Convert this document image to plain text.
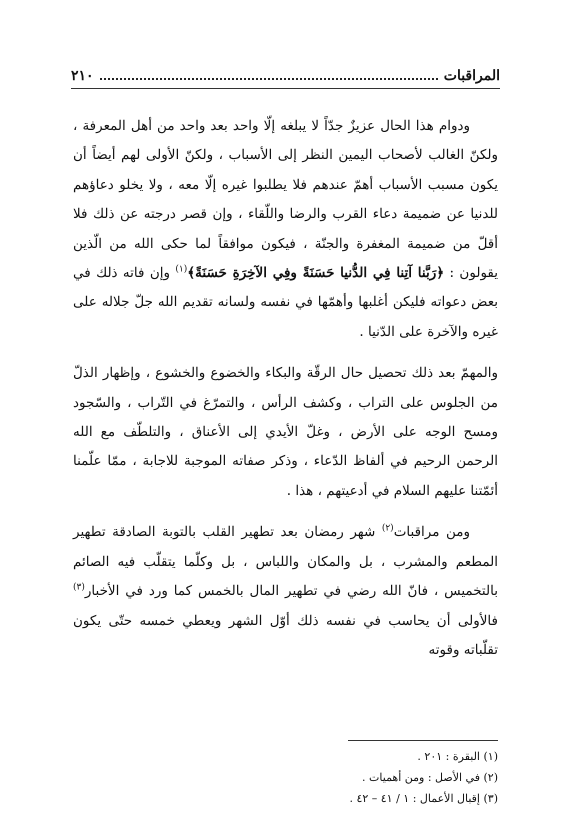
المراقبات
٢١٠

ودوام هذا الحال عزيزٌ جدّاً لا يبلغه إلّا واحد بعد واحد من أهل المعرفة ، ولكنّ الغالب لأصحاب اليمين النظر إلى الأسباب ، ولكنّ الأولى لهم أيضاً أن يكون مسبب الأسباب أهمّ عندهم فلا يطلبوا غيره إلّا معه ، ولا يخلو دعاؤهم للدنيا عن ضميمة دعاء القرب والرضا واللّقاء ، وإن قصر درجته عن ذلك فلا أقلّ من ضميمة المغفرة والجنّة ، فيكون موافقاً لما حكى الله من الّذين يقولون : ﴿رَبَّنا آتِنا فِي الدُّنيا حَسَنَةً وفِي الآخِرَةِ حَسَنَةً﴾$^{(١)}$ وإن فاته ذلك في بعض دعواته فليكن أغلبها وأهمّها في نفسه ولسانه تقديم الله جلّ جلاله على غيره والآخرة على الدّنيا .

والمهمّ بعد ذلك تحصيل حال الرقّة والبكاء والخضوع والخشوع ، وإظهار الذلّ من الجلوس على التراب ، وكشف الرأس ، والتمرّغ في التّراب ، والسّجود ومسح الوجه على الأرض ، وغلّ الأيدي إلى الأعناق ، والتلطّف مع الله الرحمن الرحيم في ألفاظ الدّعاء ، وذكر صفاته الموجبة للاجابة ، ممّا علّمنا أئمّتنا عليهم السلام في أدعيتهم ، هذا .

ومن مراقبات$^{(٢)}$ شهر رمضان بعد تطهير القلب بالتوبة الصادقة تطهير المطعم والمشرب ، بل والمكان واللباس ، بل وكلّما يتقلّب فيه الصائم بالتخميس ، فانّ الله رضي في تطهير المال بالخمس كما ورد في الأخبار$^{(٣)}$ فالأولى أن يحاسب في نفسه ذلك أوّل الشهر ويعطي خمسه حتّى يكون تقلّباته وقوته

(١) البقرة : ٢٠١ .
(٢) في الأصل : ومن أهميات .
(٣) إقبال الأعمال : ١ / ٤١ – ٤٢ .
